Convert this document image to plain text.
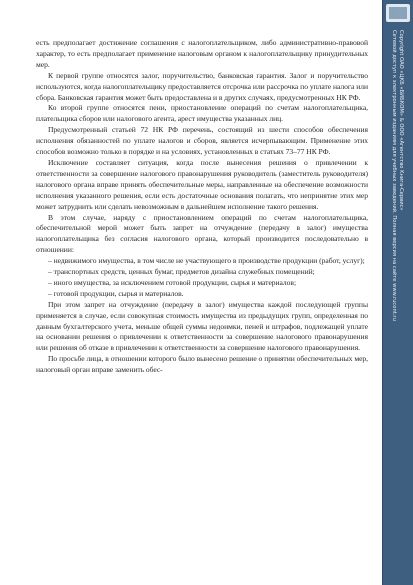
есть предполагает достижение соглашения с налогоплательщиком, либо административно-правовой характер, то есть предполагает применение налоговым органом к налогоплательщику принудительных мер.

К первой группе относятся залог, поручительство, банковская гарантия. Залог и поручительство используются, когда налогоплательщику предоставляется отсрочка или рассрочка по уплате налога или сбора. Банковская гарантия может быть предоставлена и в других случаях, предусмотренных НК РФ.

Ко второй группе относятся пени, приостановление операций по счетам налогоплательщика, плательщика сборов или налогового агента, арест имущества указанных лиц.

Предусмотренный статьей 72 НК РФ перечень, состоящий из шести способов обеспечения исполнения обязанностей по уплате налогов и сборов, является исчерпывающим. Применение этих способов возможно только в порядке и на условиях, установленных в статьях 73–77 НК РФ.

Исключение составляет ситуация, когда после вынесения решения о привлечении к ответственности за совершение налогового правонарушения руководитель (заместитель руководителя) налогового органа вправе принять обеспечительные меры, направленные на обеспечение возможности исполнения указанного решения, если есть достаточные основания полагать, что непринятие этих мер может затруднить или сделать невозможным в дальнейшем исполнение такого решения.

В этом случае, наряду с приостановлением операций по счетам налогоплательщика, обеспечительной мерой может быть запрет на отчуждение (передачу в залог) имущества налогоплательщика без согласия налогового органа, который производится последовательно в отношении:

– недвижимого имущества, в том числе не участвующего в производстве продукции (работ, услуг);

– транспортных средств, ценных бумаг, предметов дизайна служебных помещений;

– иного имущества, за исключением готовой продукции, сырья и материалов;

– готовой продукции, сырья и материалов.

При этом запрет на отчуждение (передачу в залог) имущества каждой последующей группы применяется в случае, если совокупная стоимость имущества из предыдущих групп, определенная по данным бухгалтерского учета, меньше общей суммы недоимки, пеней и штрафов, подлежащей уплате на основании решения о привлечении к ответственности за совершение налогового правонарушения или решения об отказе в привлечении к ответственности за совершение налогового правонарушения.

По просьбе лица, в отношении которого было вынесено решение о принятии обеспечительных мер, налоговый орган вправе заменить обес-

Copyright ОАО «ЦКБ «БИБКОМ» & ООО «Aгентство Kнига-Cервис»
Сетевой доступ к электронным изданиям для учебных заведений. Полная версия на сайте www.rucont.ru
